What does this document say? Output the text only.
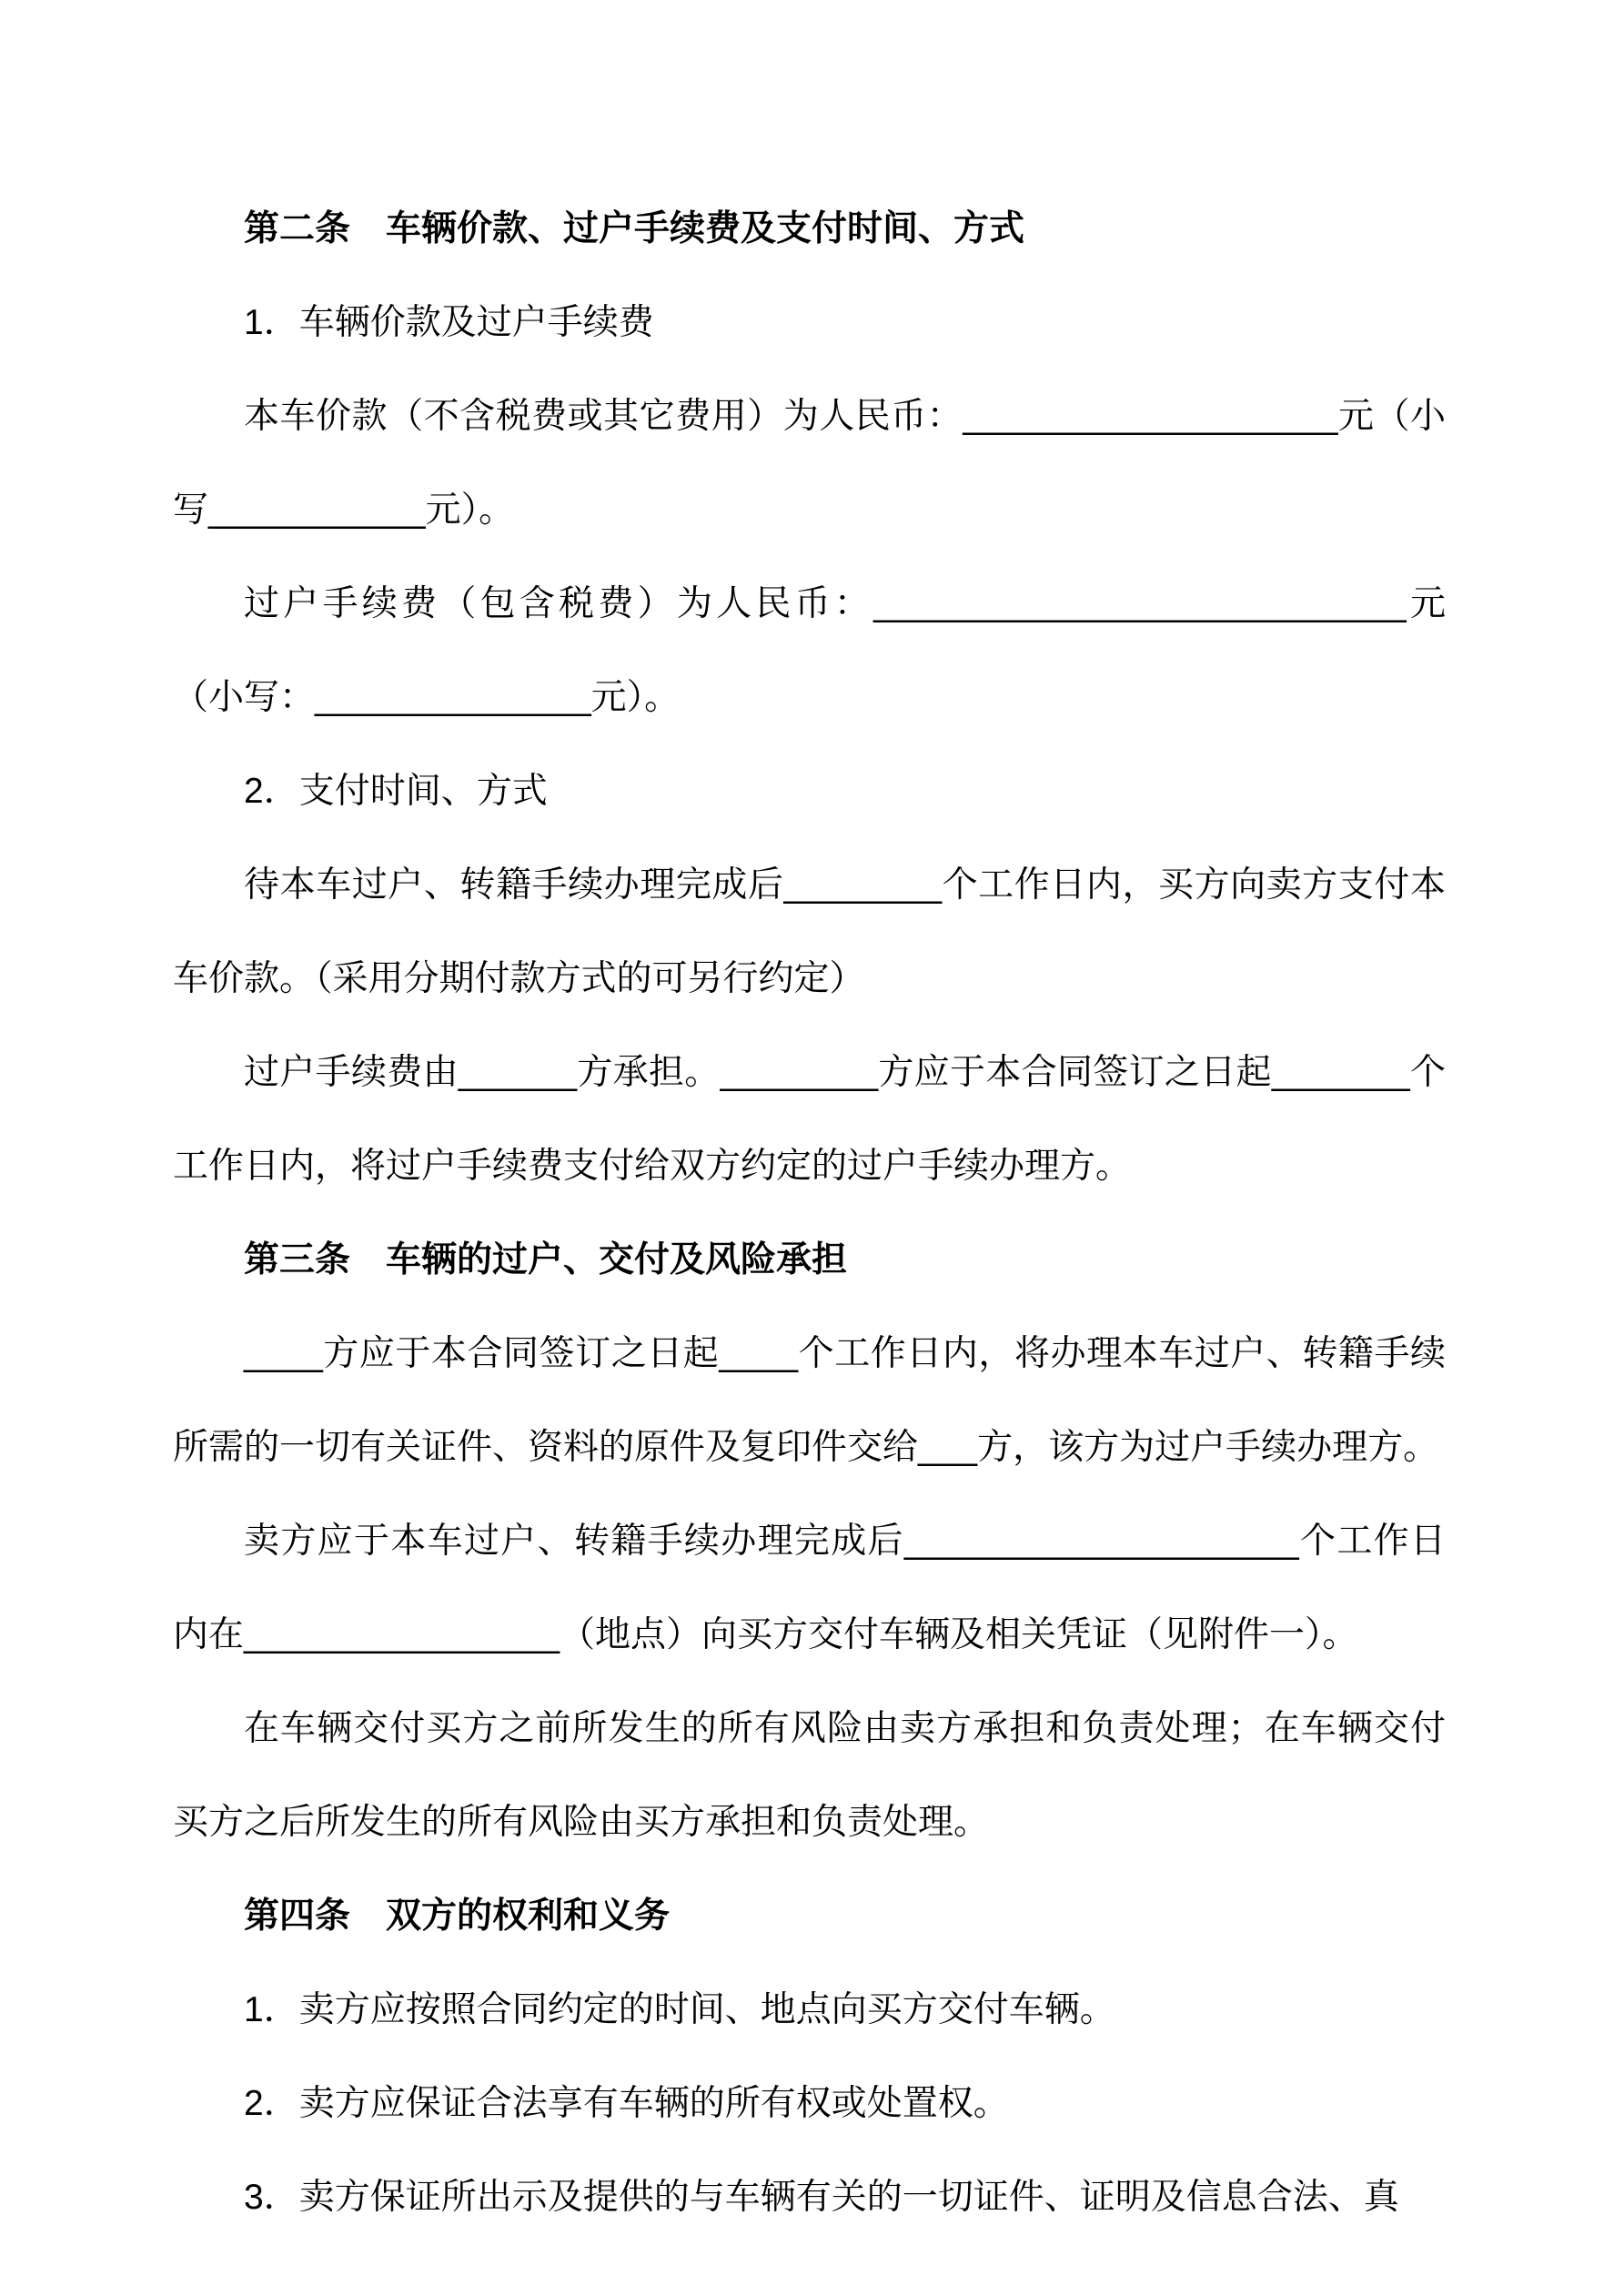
第二条　车辆价款、过户手续费及支付时间、方式

1．车辆价款及过户手续费

本车价款（不含税费或其它费用）为人民币：___________________元（小写___________元）。

过户手续费（包含税费）为人民币：___________________________元（小写：______________元）。

2．支付时间、方式

待本车过户、转籍手续办理完成后________个工作日内，买方向卖方支付本车价款。（采用分期付款方式的可另行约定）

过户手续费由______方承担。________方应于本合同签订之日起_______个工作日内，将过户手续费支付给双方约定的过户手续办理方。

第三条　车辆的过户、交付及风险承担

____方应于本合同签订之日起____个工作日内，将办理本车过户、转籍手续所需的一切有关证件、资料的原件及复印件交给___方，该方为过户手续办理方。

卖方应于本车过户、转籍手续办理完成后____________________个工作日内在________________（地点）向买方交付车辆及相关凭证（见附件一）。

在车辆交付买方之前所发生的所有风险由卖方承担和负责处理；在车辆交付买方之后所发生的所有风险由买方承担和负责处理。

第四条　双方的权利和义务

1．卖方应按照合同约定的时间、地点向买方交付车辆。

2．卖方应保证合法享有车辆的所有权或处置权。

3．卖方保证所出示及提供的与车辆有关的一切证件、证明及信息合法、真
